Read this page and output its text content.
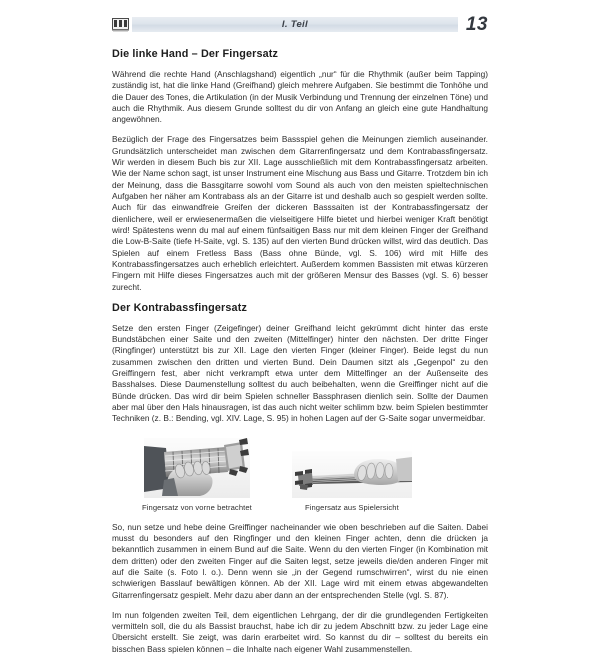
I. Teil	13
Die linke Hand – Der Fingersatz

Während die rechte Hand (Anschlagshand) eigentlich „nur“ für die Rhythmik (außer beim Tapping) zuständig ist, hat die linke Hand (Greifhand) gleich mehrere Aufgaben. Sie bestimmt die Tonhöhe und die Dauer des Tones, die Artikulation (in der Musik Verbindung und Trennung der einzelnen Töne) und auch die Rhythmik. Aus diesem Grunde solltest du dir von Anfang an gleich eine gute Handhaltung angewöhnen.

Bezüglich der Frage des Fingersatzes beim Bassspiel gehen die Meinungen ziemlich auseinander. Grundsätzlich unterscheidet man zwischen dem Gitarrenfingersatz und dem Kontrabassfingersatz. Wir werden in diesem Buch bis zur XII. Lage ausschließlich mit dem Kontrabassfingersatz arbeiten. Wie der Name schon sagt, ist unser Instrument eine Mischung aus Bass und Gitarre. Trotzdem bin ich der Meinung, dass die Bassgitarre sowohl vom Sound als auch von den meisten spieltechnischen Aufgaben her näher am Kontrabass als an der Gitarre ist und deshalb auch so gespielt werden sollte. Auch für das einwandfreie Greifen der dickeren Basssaiten ist der Kontrabassfingersatz der dienlichere, weil er erwiesenermaßen die vielseitigere Hilfe bietet und hierbei weniger Kraft benötigt wird! Spätestens wenn du mal auf einem fünfsaitigen Bass nur mit dem kleinen Finger der Greifhand die Low-B-Saite (tiefe H-Saite, vgl. S. 135) auf den vierten Bund drücken willst, wird das deutlich. Das Spielen auf einem Fretless Bass (Bass ohne Bünde, vgl. S. 106) wird mit Hilfe des Kontrabassfingersatzes auch erheblich erleichtert. Außerdem kommen Bassisten mit etwas kürzeren Fingern mit Hilfe dieses Fingersatzes auch mit der größeren Mensur des Basses (vgl. S. 6) besser zurecht.

Der Kontrabassfingersatz

Setze den ersten Finger (Zeigefinger) deiner Greifhand leicht gekrümmt dicht hinter das erste Bundstäbchen einer Saite und den zweiten (Mittelfinger) hinter den nächsten. Der dritte Finger (Ringfinger) unterstützt bis zur XII. Lage den vierten Finger (kleiner Finger). Beide legst du nun zusammen zwischen den dritten und vierten Bund. Dein Daumen sitzt als „Gegenpol“ zu den Greiffingern fest, aber nicht verkrampft etwa unter dem Mittelfinger an der Außenseite des Basshalses. Diese Daumenstellung solltest du auch beibehalten, wenn die Greiffinger nicht auf die Bünde drücken. Das wird dir beim Spielen schneller Bassphrasen dienlich sein. Sollte der Daumen aber mal über den Hals hinausragen, ist das auch nicht weiter schlimm bzw. beim Spielen bestimmter Techniken (z. B.: Bending, vgl. XIV. Lage, S. 95) in hohen Lagen auf der G-Saite sogar unvermeidbar.

Fingersatz von vorne betrachtet	Fingersatz aus Spielersicht

So, nun setze und hebe deine Greiffinger nacheinander wie oben beschrieben auf die Saiten. Dabei musst du besonders auf den Ringfinger und den kleinen Finger achten, denn die drücken ja bekanntlich zusammen in einem Bund auf die Saite. Wenn du den vierten Finger (in Kombination mit dem dritten) oder den zweiten Finger auf die Saiten legst, setze jeweils die/den anderen Finger mit auf die Saite (s. Foto l. o.). Denn wenn sie „in der Gegend rumschwirren“, wirst du nie einen schwierigen Basslauf bewältigen können. Ab der XII. Lage wird mit einem etwas abgewandelten Gitarrenfingersatz gespielt. Mehr dazu aber dann an der entsprechenden Stelle (vgl. S. 87).

Im nun folgenden zweiten Teil, dem eigentlichen Lehrgang, der dir die grundlegenden Fertigkeiten vermitteln soll, die du als Bassist brauchst, habe ich dir zu jedem Abschnitt bzw. zu jeder Lage eine Übersicht erstellt. Sie zeigt, was darin erarbeitet wird. So kannst du dir – solltest du bereits ein bisschen Bass spielen können – die Inhalte nach eigener Wahl zusammenstellen.
